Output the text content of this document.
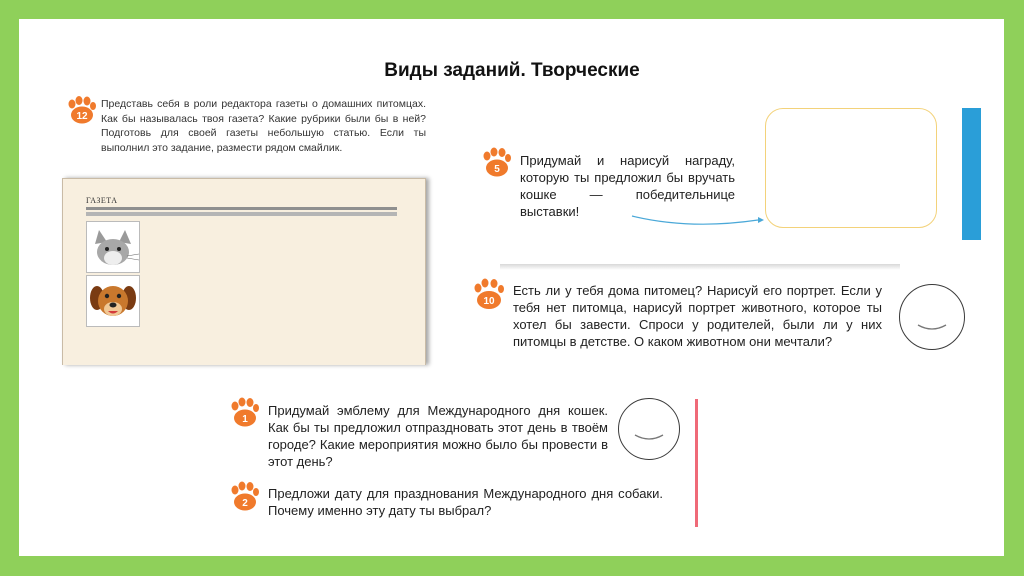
Виды заданий. Творческие
12
Представь себя в роли редактора газеты о домашних питомцах. Как бы называлась твоя газета? Какие рубрики были бы в ней? Подготовь для своей газеты небольшую статью. Если ты выполнил это задание, размести рядом смайлик.
ГАЗЕТА
5
Придумай и нарисуй награду, которую ты предложил бы вручать кошке — победительнице выставки!
10
Есть ли у тебя дома питомец? Нарисуй его портрет. Если у тебя нет питомца, нарисуй портрет животного, которое ты хотел бы завести. Спроси у родителей, были ли у них питомцы в детстве. О каком животном они мечтали?
1
Придумай эмблему для Международного дня кошек. Как бы ты предложил отпраздновать этот день в твоём городе? Какие мероприятия можно было бы провести в этот день?
2
Предложи дату для празднования Международного дня собаки. Почему именно эту дату ты выбрал?
